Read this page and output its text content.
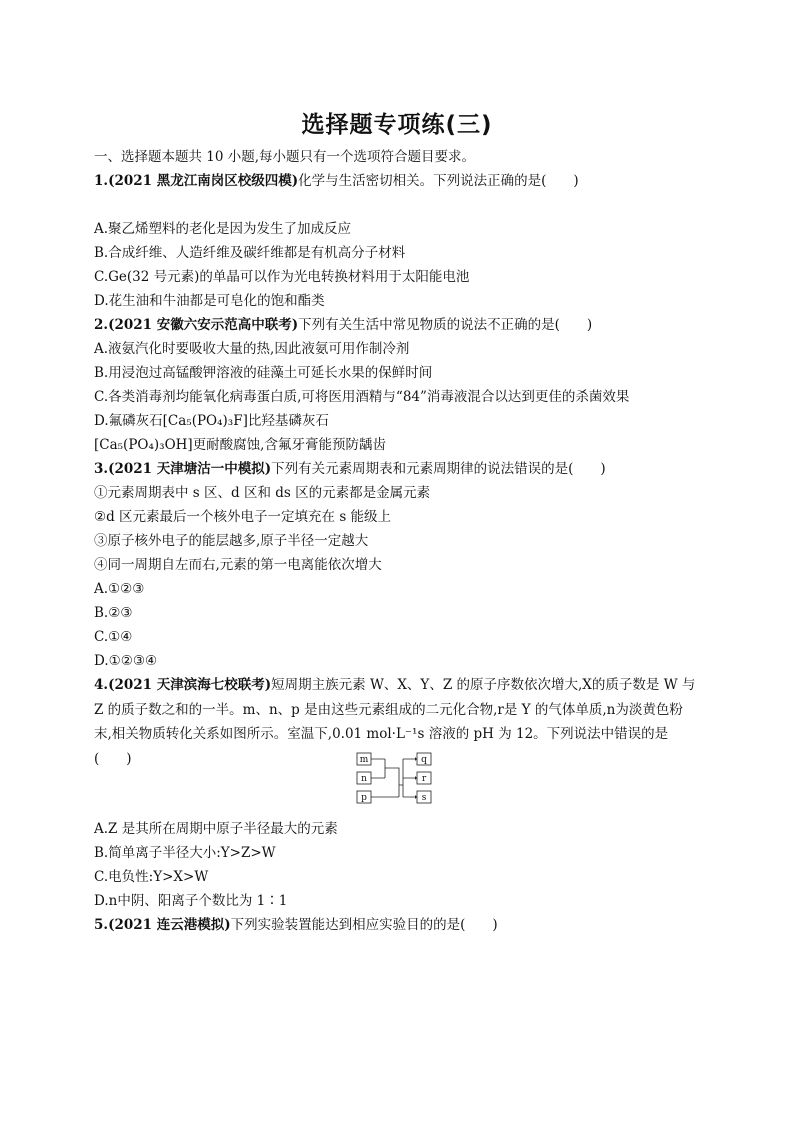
选择题专项练(三)
一、选择题本题共 10 小题,每小题只有一个选项符合题目要求。
1.(2021 黑龙江南岗区校级四模)化学与生活密切相关。下列说法正确的是(　　)
A.聚乙烯塑料的老化是因为发生了加成反应
B.合成纤维、人造纤维及碳纤维都是有机高分子材料
C.Ge(32 号元素)的单晶可以作为光电转换材料用于太阳能电池
D.花生油和牛油都是可皂化的饱和酯类
2.(2021 安徽六安示范高中联考)下列有关生活中常见物质的说法不正确的是(　　)
A.液氨汽化时要吸收大量的热,因此液氨可用作制冷剂
B.用浸泡过高锰酸钾溶液的硅藻土可延长水果的保鲜时间
C.各类消毒剂均能氧化病毒蛋白质,可将医用酒精与“84”消毒液混合以达到更佳的杀菌效果
D.氟磷灰石[Ca₅(PO₄)₃F]比羟基磷灰石
[Ca₅(PO₄)₃OH]更耐酸腐蚀,含氟牙膏能预防龋齿
3.(2021 天津塘沽一中模拟)下列有关元素周期表和元素周期律的说法错误的是(　　)
①元素周期表中 s 区、d 区和 ds 区的元素都是金属元素
②d 区元素最后一个核外电子一定填充在 s 能级上
③原子核外电子的能层越多,原子半径一定越大
④同一周期自左而右,元素的第一电离能依次增大
A.①②③
B.②③
C.①④
D.①②③④
4.(2021 天津滨海七校联考)短周期主族元素 W、X、Y、Z 的原子序数依次增大,X的质子数是 W 与 Z 的质子数之和的一半。m、n、p 是由这些元素组成的二元化合物,r是 Y 的气体单质,n为淡黄色粉末,相关物质转化关系如图所示。室温下,0.01 mol·L⁻¹s 溶液的 pH 为 12。下列说法中错误的是(　　)	m
n
p
q
r
s
A.Z 是其所在周期中原子半径最大的元素
B.简单离子半径大小:Y>Z>W
C.电负性:Y>X>W
D.n中阴、阳离子个数比为 1∶1
5.(2021 连云港模拟)下列实验装置能达到相应实验目的的是(　　)
